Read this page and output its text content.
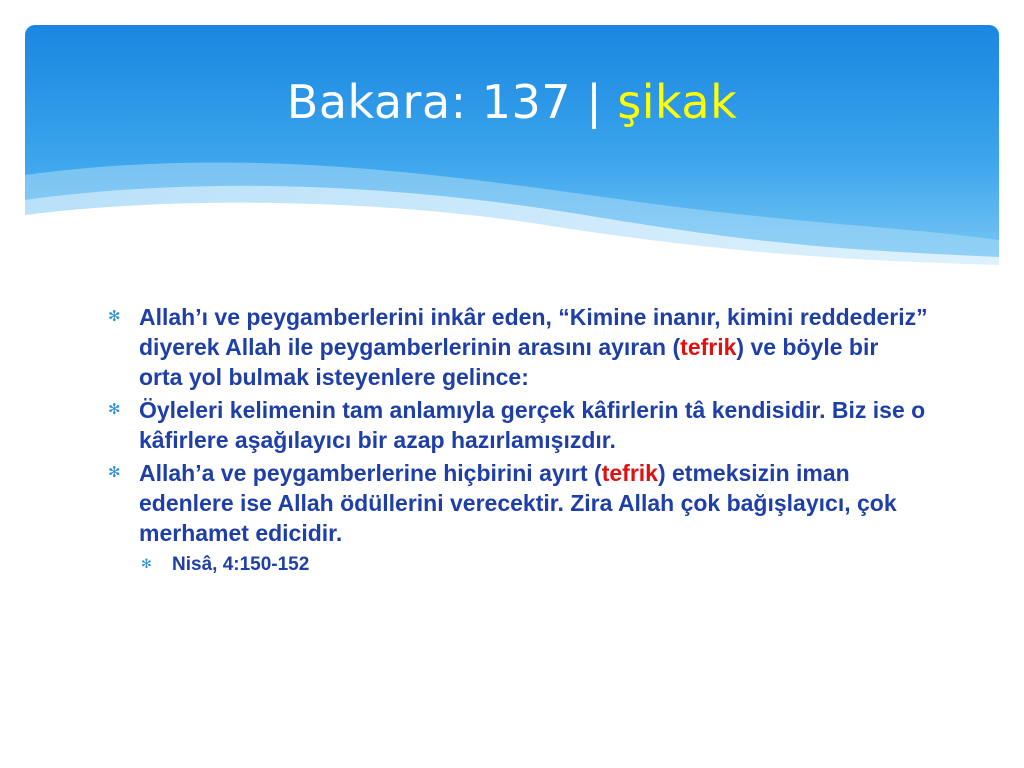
Bakara: 137 | şikak
✻ Allah’ı ve peygamberlerini inkâr eden, “Kimine inanır, kimini reddederiz” diyerek Allah ile peygamberlerinin arasını ayıran (tefrik) ve böyle bir orta yol bulmak isteyenlere gelince:
✻ Öyleleri kelimenin tam anlamıyla gerçek kâfirlerin tâ kendisidir. Biz ise o kâfirlere aşağılayıcı bir azap hazırlamışızdır.
✻ Allah’a ve peygamberlerine hiçbirini ayırt (tefrik) etmeksizin iman edenlere ise Allah ödüllerini verecektir. Zira Allah çok bağışlayıcı, çok merhamet edicidir.
✻ Nisâ, 4:150-152
